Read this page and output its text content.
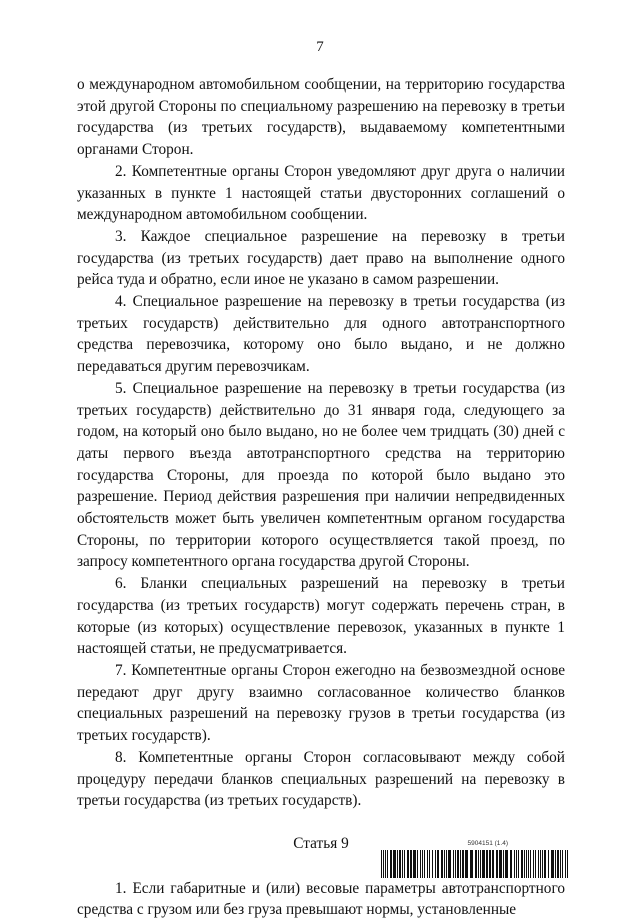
7

о международном автомобильном сообщении, на территорию государства этой другой Стороны по специальному разрешению на перевозку в третьи государства (из третьих государств), выдаваемому компетентными органами Сторон.

2. Компетентные органы Сторон уведомляют друг друга о наличии указанных в пункте 1 настоящей статьи двусторонних соглашений о международном автомобильном сообщении.

3. Каждое специальное разрешение на перевозку в третьи государства (из третьих государств) дает право на выполнение одного рейса туда и обратно, если иное не указано в самом разрешении.

4. Специальное разрешение на перевозку в третьи государства (из третьих государств) действительно для одного автотранспортного средства перевозчика, которому оно было выдано, и не должно передаваться другим перевозчикам.

5. Специальное разрешение на перевозку в третьи государства (из третьих государств) действительно до 31 января года, следующего за годом, на который оно было выдано, но не более чем тридцать (30) дней с даты первого въезда автотранспортного средства на территорию государства Стороны, для проезда по которой было выдано это разрешение. Период действия разрешения при наличии непредвиденных обстоятельств может быть увеличен компетентным органом государства Стороны, по территории которого осуществляется такой проезд, по запросу компетентного органа государства другой Стороны.

6. Бланки специальных разрешений на перевозку в третьи государства (из третьих государств) могут содержать перечень стран, в которые (из которых) осуществление перевозок, указанных в пункте 1 настоящей статьи, не предусматривается.

7. Компетентные органы Сторон ежегодно на безвозмездной основе передают друг другу взаимно согласованное количество бланков специальных разрешений на перевозку грузов в третьи государства (из третьих государств).

8. Компетентные органы Сторон согласовывают между собой процедуру передачи бланков специальных разрешений на перевозку в третьи государства (из третьих государств).

Статья 9

1. Если габаритные и (или) весовые параметры автотранспортного средства с грузом или без груза превышают нормы, установленные

5904151 (1.4)
